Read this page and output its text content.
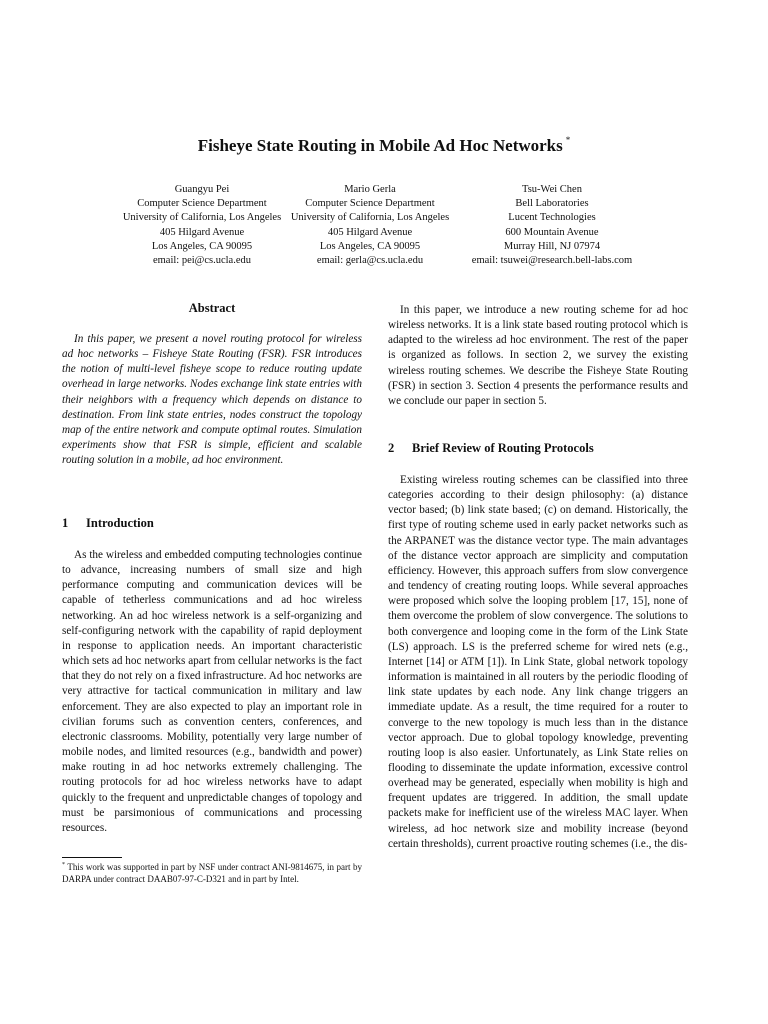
Fisheye State Routing in Mobile Ad Hoc Networks *
Guangyu Pei
Computer Science Department
University of California, Los Angeles
405 Hilgard Avenue
Los Angeles, CA 90095
email: pei@cs.ucla.edu
Mario Gerla
Computer Science Department
University of California, Los Angeles
405 Hilgard Avenue
Los Angeles, CA 90095
email: gerla@cs.ucla.edu
Tsu-Wei Chen
Bell Laboratories
Lucent Technologies
600 Mountain Avenue
Murray Hill, NJ 07974
email: tsuwei@research.bell-labs.com
Abstract

In this paper, we present a novel routing protocol for wireless ad hoc networks – Fisheye State Routing (FSR). FSR introduces the notion of multi-level fisheye scope to reduce routing update overhead in large networks. Nodes exchange link state entries with their neighbors with a frequency which depends on distance to destination. From link state entries, nodes construct the topology map of the entire network and compute optimal routes. Simulation experiments show that FSR is simple, efficient and scalable routing solution in a mobile, ad hoc environment.

1 Introduction

As the wireless and embedded computing technologies continue to advance, increasing numbers of small size and high performance computing and communication devices will be capable of tetherless communications and ad hoc wireless networking. An ad hoc wireless network is a self-organizing and self-configuring network with the capability of rapid deployment in response to application needs. An important characteristic which sets ad hoc networks apart from cellular networks is the fact that they do not rely on a fixed infrastructure. Ad hoc networks are very attractive for tactical communication in military and law enforcement. They are also expected to play an important role in civilian forums such as convention centers, conferences, and electronic classrooms. Mobility, potentially very large number of mobile nodes, and limited resources (e.g., bandwidth and power) make routing in ad hoc networks extremely challenging. The routing protocols for ad hoc wireless networks have to adapt quickly to the frequent and unpredictable changes of topology and must be parsimonious of communications and processing resources.

* This work was supported in part by NSF under contract ANI-9814675, in part by DARPA under contract DAAB07-97-C-D321 and in part by Intel.

In this paper, we introduce a new routing scheme for ad hoc wireless networks. It is a link state based routing protocol which is adapted to the wireless ad hoc environment. The rest of the paper is organized as follows. In section 2, we survey the existing wireless routing schemes. We describe the Fisheye State Routing (FSR) in section 3. Section 4 presents the performance results and we conclude our paper in section 5.

2 Brief Review of Routing Protocols

Existing wireless routing schemes can be classified into three categories according to their design philosophy: (a) distance vector based; (b) link state based; (c) on demand. Historically, the first type of routing scheme used in early packet networks such as the ARPANET was the distance vector type. The main advantages of the distance vector approach are simplicity and computation efficiency. However, this approach suffers from slow convergence and tendency of creating routing loops. While several approaches were proposed which solve the looping problem [17, 15], none of them overcome the problem of slow convergence. The solutions to both convergence and looping come in the form of the Link State (LS) approach. LS is the preferred scheme for wired nets (e.g., Internet [14] or ATM [1]). In Link State, global network topology information is maintained in all routers by the periodic flooding of link state updates by each node. Any link change triggers an immediate update. As a result, the time required for a router to converge to the new topology is much less than in the distance vector approach. Due to global topology knowledge, preventing routing loop is also easier. Unfortunately, as Link State relies on flooding to disseminate the update information, excessive control overhead may be generated, especially when mobility is high and frequent updates are triggered. In addition, the small update packets make for inefficient use of the wireless MAC layer. When wireless, ad hoc network size and mobility increase (beyond certain thresholds), current proactive routing schemes (i.e., the dis-
